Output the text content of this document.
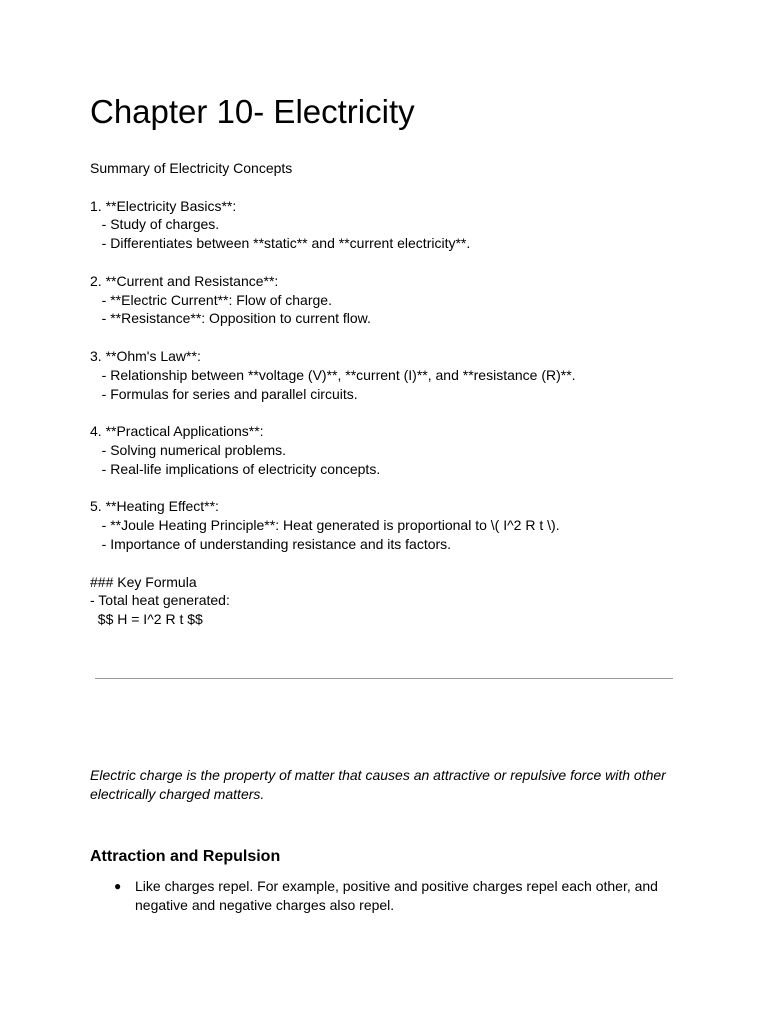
Chapter 10- Electricity
Summary of Electricity Concepts
1. **Electricity Basics**:
- Study of charges.
- Differentiates between **static** and **current electricity**.
2. **Current and Resistance**:
- **Electric Current**: Flow of charge.
- **Resistance**: Opposition to current flow.
3. **Ohm's Law**:
- Relationship between **voltage (V)**, **current (I)**, and **resistance (R)**.
- Formulas for series and parallel circuits.
4. **Practical Applications**:
- Solving numerical problems.
- Real-life implications of electricity concepts.
5. **Heating Effect**:
- **Joule Heating Principle**: Heat generated is proportional to \( I^2 R t \).
- Importance of understanding resistance and its factors.
### Key Formula
- Total heat generated:
$$ H = I^2 R t $$

Electric charge is the property of matter that causes an attractive or repulsive force with other electrically charged matters.

Attraction and Repulsion
● Like charges repel. For example, positive and positive charges repel each other, and negative and negative charges also repel.
